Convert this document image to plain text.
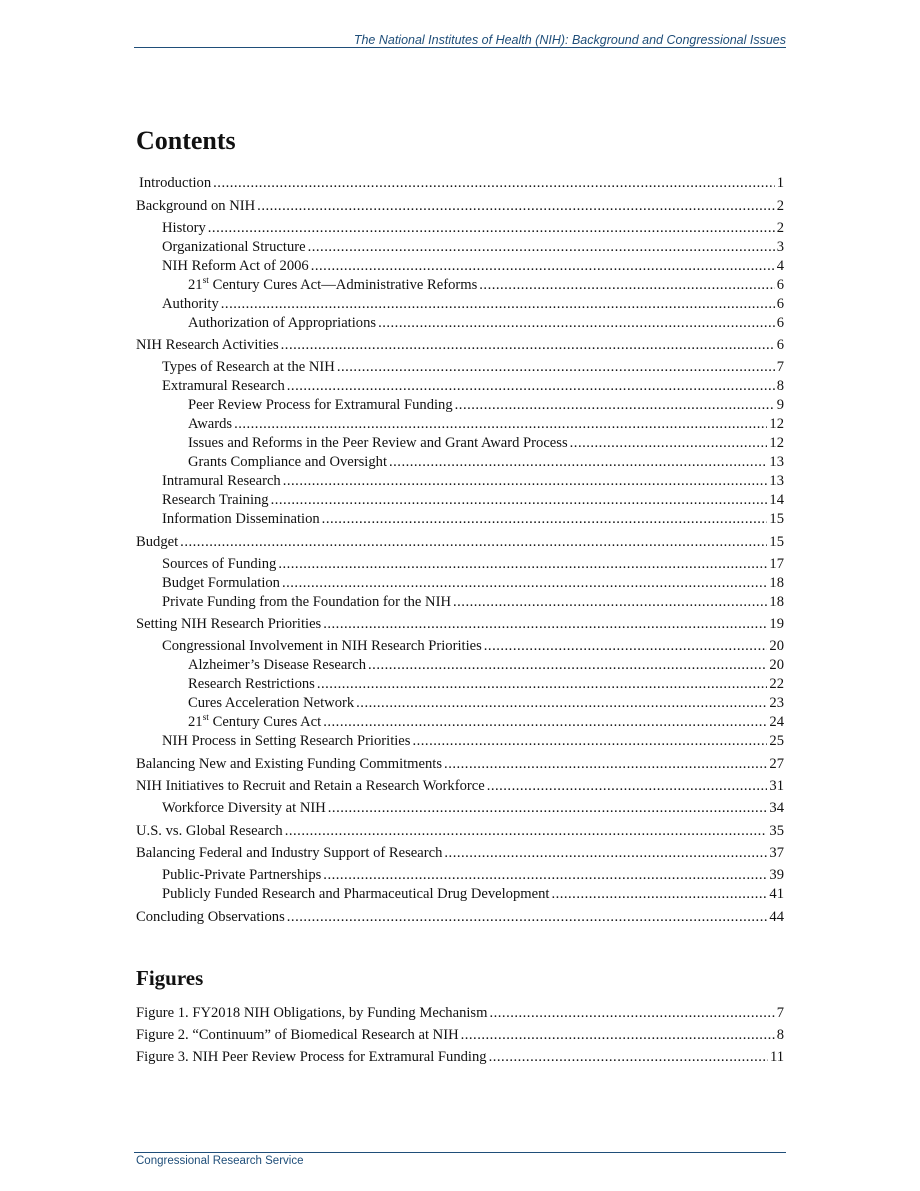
The National Institutes of Health (NIH): Background and Congressional Issues
Contents
Introduction .....	1
Background on NIH .....	2
History .....	2
Organizational Structure .....	3
NIH Reform Act of 2006 .....	4
21st Century Cures Act—Administrative Reforms .....	6
Authority .....	6
Authorization of Appropriations .....	6
NIH Research Activities .....	6
Types of Research at the NIH .....	7
Extramural Research .....	8
Peer Review Process for Extramural Funding .....	9
Awards .....	12
Issues and Reforms in the Peer Review and Grant Award Process .....	12
Grants Compliance and Oversight .....	13
Intramural Research .....	13
Research Training .....	14
Information Dissemination .....	15
Budget .....	15
Sources of Funding .....	17
Budget Formulation .....	18
Private Funding from the Foundation for the NIH .....	18
Setting NIH Research Priorities .....	19
Congressional Involvement in NIH Research Priorities .....	20
Alzheimer’s Disease Research .....	20
Research Restrictions .....	22
Cures Acceleration Network .....	23
21st Century Cures Act .....	24
NIH Process in Setting Research Priorities .....	25
Balancing New and Existing Funding Commitments .....	27
NIH Initiatives to Recruit and Retain a Research Workforce .....	31
Workforce Diversity at NIH .....	34
U.S. vs. Global Research .....	35
Balancing Federal and Industry Support of Research .....	37
Public-Private Partnerships .....	39
Publicly Funded Research and Pharmaceutical Drug Development .....	41
Concluding Observations .....	44
Figures
Figure 1. FY2018 NIH Obligations, by Funding Mechanism .....	7
Figure 2. “Continuum” of Biomedical Research at NIH .....	8
Figure 3. NIH Peer Review Process for Extramural Funding .....	11
Congressional Research Service
